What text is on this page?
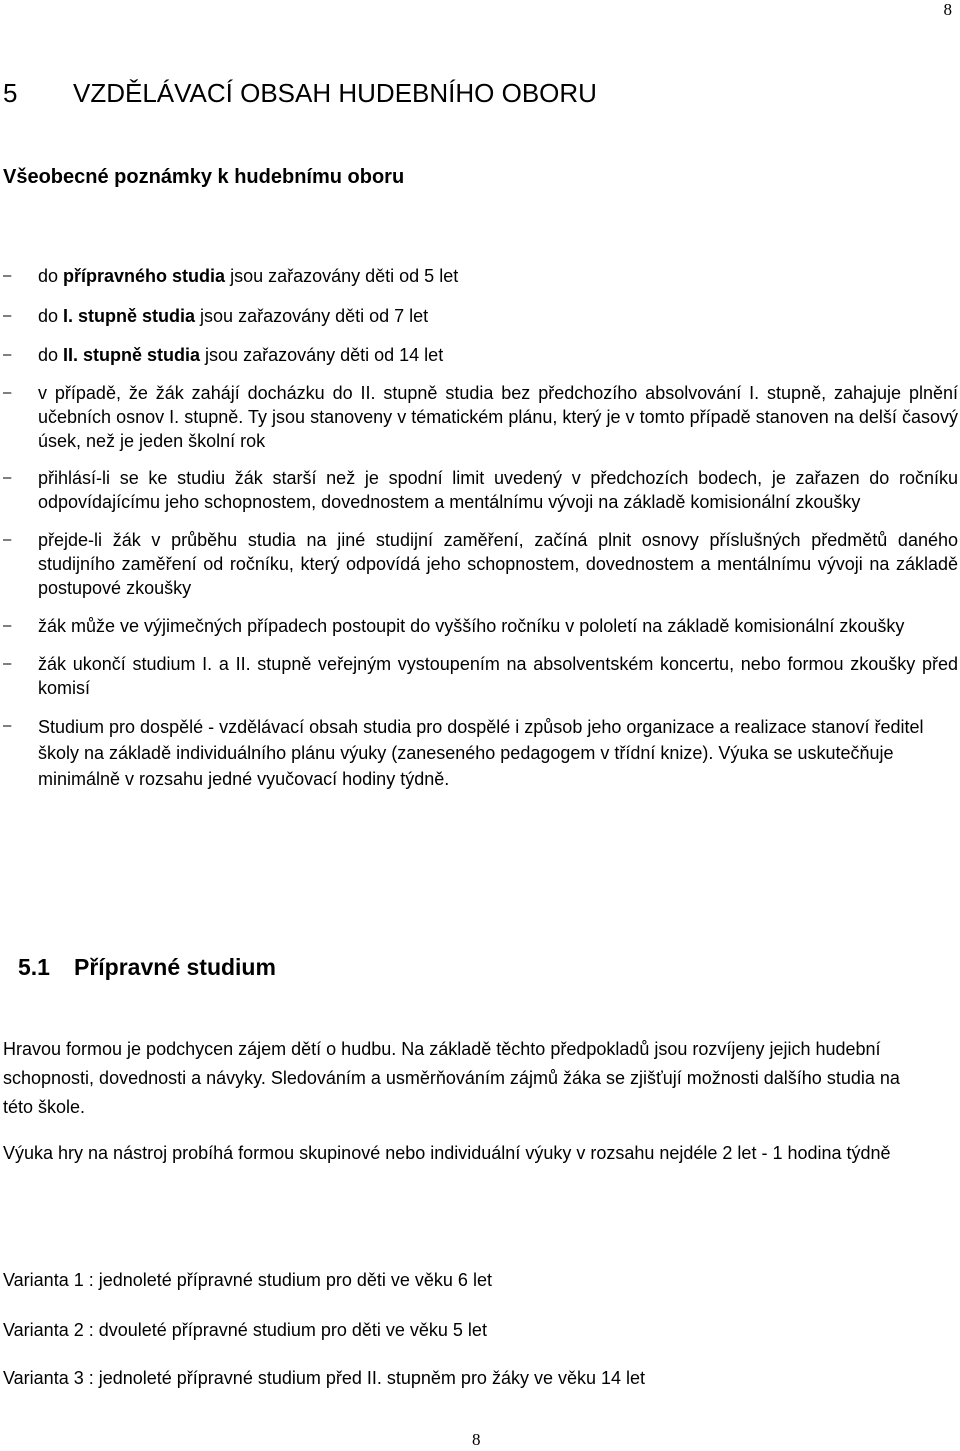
8
5 VZDĚLÁVACÍ OBSAH HUDEBNÍHO OBORU
Všeobecné poznámky k hudebnímu oboru
– do přípravného studia jsou zařazovány děti od 5 let
– do I. stupně studia jsou zařazovány děti od 7 let
– do II. stupně studia jsou zařazovány děti od 14 let
– v případě, že žák zahájí docházku do II. stupně studia bez předchozího absolvování I. stupně, zahajuje plnění učebních osnov I. stupně. Ty jsou stanoveny v tématickém plánu, který je v tomto případě stanoven na delší časový úsek, než je jeden školní rok
– přihlásí-li se ke studiu žák starší než je spodní limit uvedený v předchozích bodech, je zařazen do ročníku odpovídajícímu jeho schopnostem, dovednostem a mentálnímu vývoji na základě komisionální zkoušky
– přejde-li žák v průběhu studia na jiné studijní zaměření, začíná plnit osnovy příslušných předmětů daného studijního zaměření od ročníku, který odpovídá jeho schopnostem, dovednostem a mentálnímu vývoji na základě postupové zkoušky
– žák může ve výjimečných případech postoupit do vyššího ročníku v pololetí na základě komisionální zkoušky
– žák ukončí studium I. a II. stupně veřejným vystoupením na absolventském koncertu, nebo formou zkoušky před komisí
– Studium pro dospělé - vzdělávací obsah studia pro dospělé i způsob jeho organizace a realizace stanoví ředitel školy na základě individuálního plánu výuky (zaneseného pedagogem v třídní knize). Výuka se uskutečňuje minimálně v rozsahu jedné vyučovací hodiny týdně.
5.1 Přípravné studium

Hravou formou je podchycen zájem dětí o hudbu. Na základě těchto předpokladů jsou rozvíjeny jejich hudební schopnosti, dovednosti a návyky. Sledováním a usměrňováním zájmů žáka se zjišťují možnosti dalšího studia na této škole.

Výuka hry na nástroj probíhá formou skupinové nebo individuální výuky v rozsahu nejdéle 2 let - 1 hodina týdně

Varianta 1 : jednoleté přípravné studium pro děti ve věku 6 let

Varianta 2 : dvouleté přípravné studium pro děti ve věku 5 let

Varianta 3 : jednoleté přípravné studium před II. stupněm pro žáky ve věku 14 let

8
